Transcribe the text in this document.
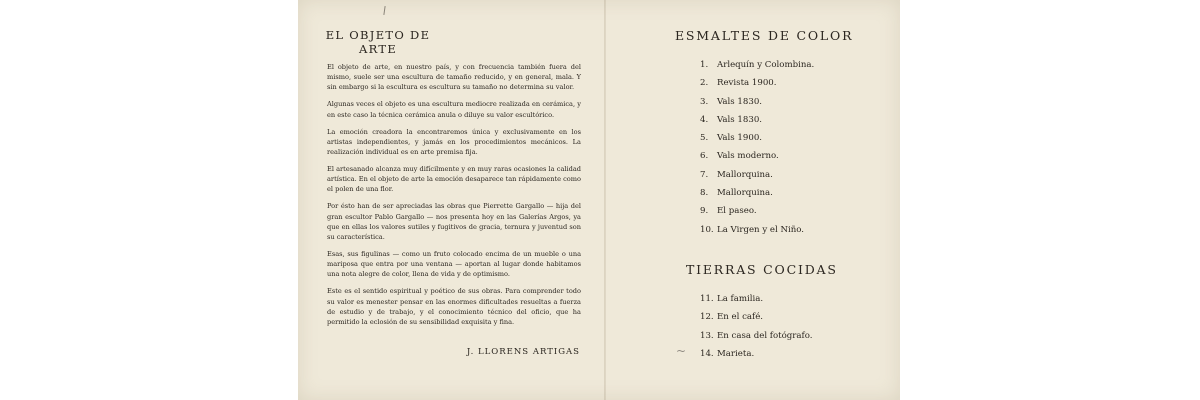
EL OBJETO DE ARTE

El objeto de arte, en nuestro país, y con frecuencia también fuera del mismo, suele ser una escultura de tamaño reducido, y en general, mala. Y sin embargo si la escultura es escultura su tamaño no determina su valor.

Algunas veces el objeto es una escultura mediocre realizada en cerámica, y en este caso la técnica cerámica anula o diluye su valor escultórico.

La emoción creadora la encontraremos única y exclusivamente en los artistas independientes, y jamás en los procedimientos mecánicos. La realización individual es en arte premisa fija.

El artesanado alcanza muy difícilmente y en muy raras ocasiones la calidad artística. En el objeto de arte la emoción desaparece tan rápidamente como el polen de una flor.

Por ésto han de ser apreciadas las obras que Pierrette Gargallo — hija del gran escultor Pablo Gargallo — nos presenta hoy en las Galerías Argos, ya que en ellas los valores sutiles y fugitivos de gracia, ternura y juventud son su característica.

Esas, sus figulinas — como un fruto colocado encima de un mueble o una mariposa que entra por una ventana — aportan al lugar donde habitamos una nota alegre de color, llena de vida y de optimismo.

Este es el sentido espiritual y poético de sus obras. Para comprender todo su valor es menester pensar en las enormes dificultades resueltas a fuerza de estudio y de trabajo, y el conocimiento técnico del oficio, que ha permitido la eclosión de su sensibilidad exquisita y fina.

J. LLORENS ARTIGAS
ESMALTES DE COLOR
1. Arlequín y Colombina.
2. Revista 1900.
3. Vals 1830.
4. Vals 1830.
5. Vals 1900.
6. Vals moderno.
7. Mallorquina.
8. Mallorquina.
9. El paseo.
10. La Virgen y el Niño.
TIERRAS COCIDAS
11. La familia.
12. En el café.
13. En casa del fotógrafo.
14. Marieta.
~
